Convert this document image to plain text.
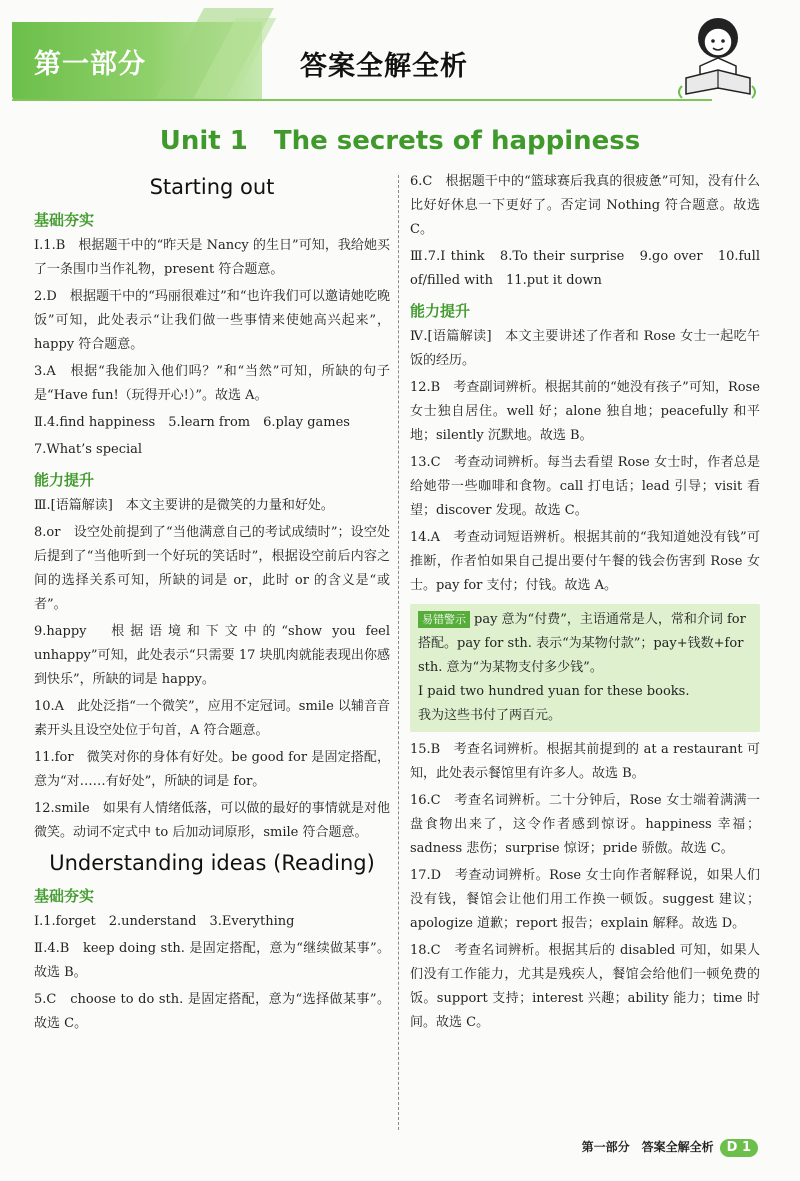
第一部分	答案全解全析
Unit 1　The secrets of happiness
Starting out
基础夯实

Ⅰ.1.B　根据题干中的“昨天是 Nancy 的生日”可知，我给她买了一条围巾当作礼物，present 符合题意。

2.D　根据题干中的“玛丽很难过”和“也许我们可以邀请她吃晚饭”可知，此处表示“让我们做一些事情来使她高兴起来”，happy 符合题意。

3.A　根据“我能加入他们吗？”和“当然”可知，所缺的句子是“Have fun!（玩得开心!）”。故选 A。

Ⅱ.4.find happiness　5.learn from　6.play games

7.What’s special

能力提升

Ⅲ.[语篇解读]　本文主要讲的是微笑的力量和好处。

8.or　设空处前提到了“当他满意自己的考试成绩时”；设空处后提到了“当他听到一个好玩的笑话时”，根据设空前后内容之间的选择关系可知，所缺的词是 or，此时 or 的含义是“或者”。

9.happy　根据语境和下文中的“show you feel unhappy”可知，此处表示“只需要 17 块肌肉就能表现出你感到快乐”，所缺的词是 happy。

10.A　此处泛指“一个微笑”，应用不定冠词。smile 以辅音音素开头且设空处位于句首，A 符合题意。

11.for　微笑对你的身体有好处。be good for 是固定搭配，意为“对……有好处”，所缺的词是 for。

12.smile　如果有人情绪低落，可以做的最好的事情就是对他微笑。动词不定式中 to 后加动词原形，smile 符合题意。

Understanding ideas (Reading)
基础夯实

Ⅰ.1.forget　2.understand　3.Everything

Ⅱ.4.B　keep doing sth. 是固定搭配，意为“继续做某事”。故选 B。

5.C　choose to do sth. 是固定搭配，意为“选择做某事”。故选 C。

6.C　根据题干中的“篮球赛后我真的很疲惫”可知，没有什么比好好休息一下更好了。否定词 Nothing 符合题意。故选 C。

Ⅲ.7.I think　8.To their surprise　9.go over　10.full of/filled with　11.put it down

能力提升

Ⅳ.[语篇解读]　本文主要讲述了作者和 Rose 女士一起吃午饭的经历。

12.B　考查副词辨析。根据其前的“她没有孩子”可知，Rose 女士独自居住。well 好；alone 独自地；peacefully 和平地；silently 沉默地。故选 B。

13.C　考查动词辨析。每当去看望 Rose 女士时，作者总是给她带一些咖啡和食物。call 打电话；lead 引导；visit 看望；discover 发现。故选 C。

14.A　考查动词短语辨析。根据其前的“我知道她没有钱”可推断，作者怕如果自己提出要付午餐的钱会伤害到 Rose 女士。pay for 支付；付钱。故选 A。

易错警示 pay 意为“付费”，主语通常是人，常和介词 for 搭配。pay for sth. 表示“为某物付款”；pay+钱数+for sth. 意为“为某物支付多少钱”。
I paid two hundred yuan for these books.
我为这些书付了两百元。

15.B　考查名词辨析。根据其前提到的 at a restaurant 可知，此处表示餐馆里有许多人。故选 B。

16.C　考查名词辨析。二十分钟后，Rose 女士端着满满一盘食物出来了，这令作者感到惊讶。happiness 幸福；sadness 悲伤；surprise 惊讶；pride 骄傲。故选 C。

17.D　考查动词辨析。Rose 女士向作者解释说，如果人们没有钱，餐馆会让他们用工作换一顿饭。suggest 建议；apologize 道歉；report 报告；explain 解释。故选 D。

18.C　考查名词辨析。根据其后的 disabled 可知，如果人们没有工作能力，尤其是残疾人，餐馆会给他们一顿免费的饭。support 支持；interest 兴趣；ability 能力；time 时间。故选 C。

第一部分　答案全解全析 D 1
